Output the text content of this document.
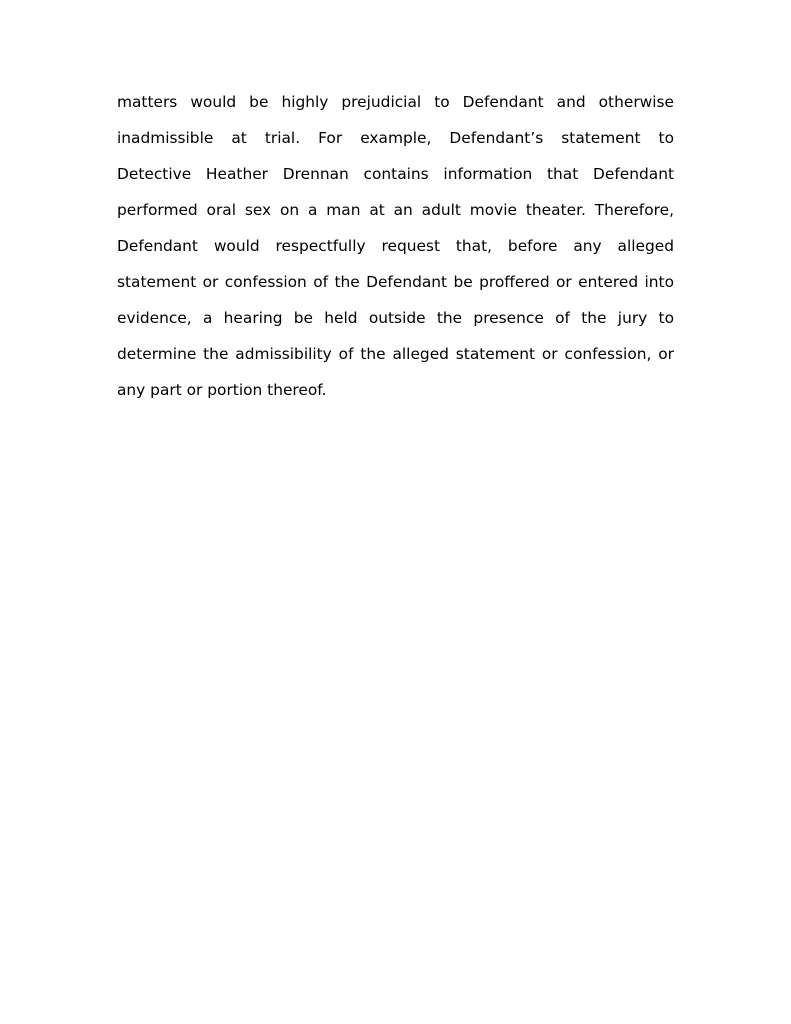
matters would be highly prejudicial to Defendant and otherwise
inadmissible at trial. For example, Defendant’s statement to
Detective Heather Drennan contains information that Defendant
performed oral sex on a man at an adult movie theater. Therefore,
Defendant would respectfully request that, before any alleged
statement or confession of the Defendant be proffered or entered into
evidence, a hearing be held outside the presence of the jury to
determine the admissibility of the alleged statement or confession, or
any part or portion thereof.
